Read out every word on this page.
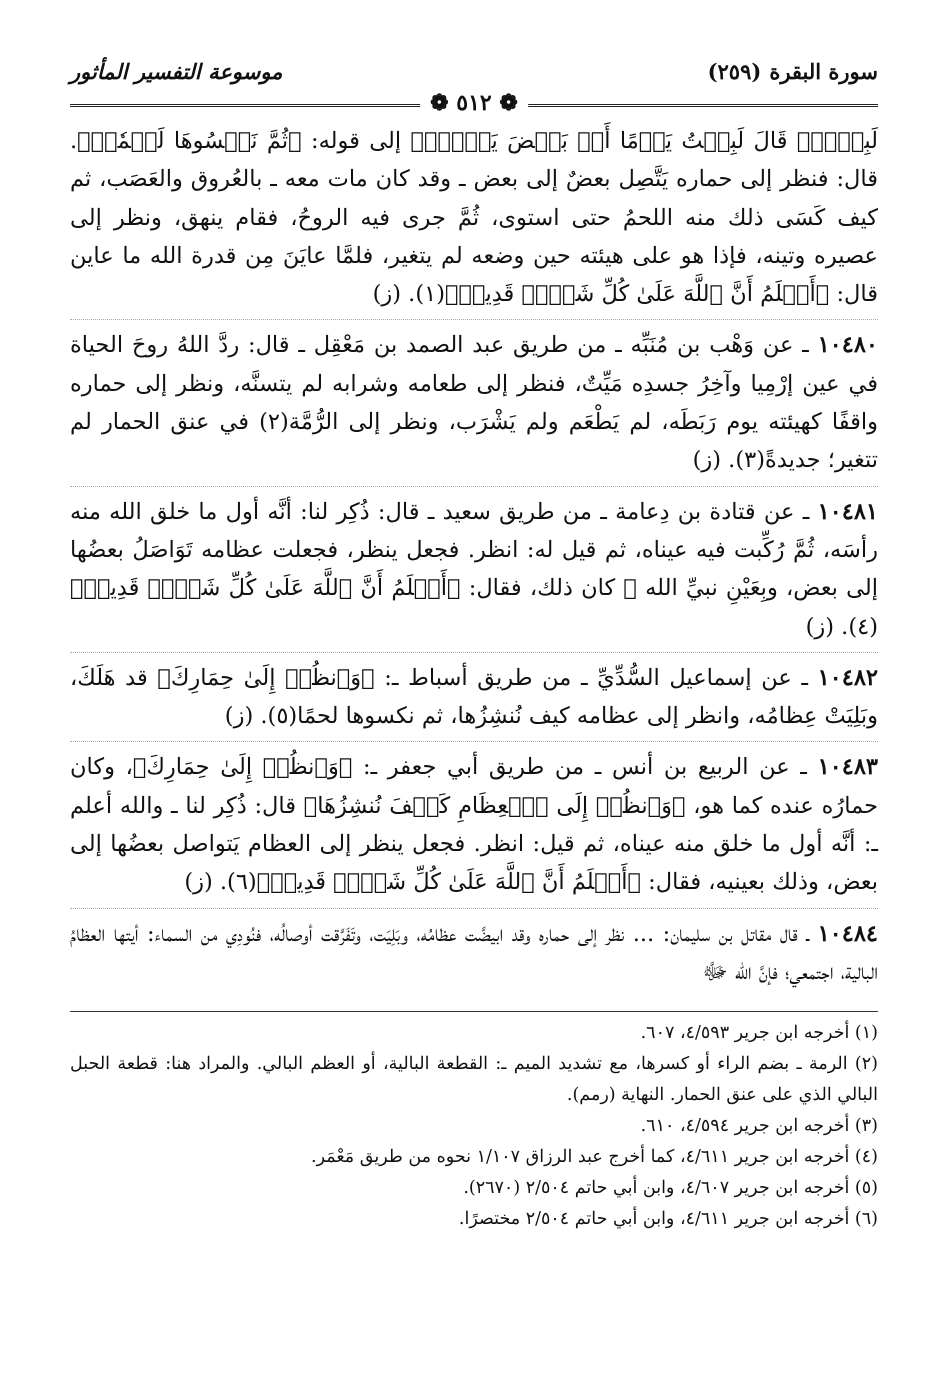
سورة البقرة
(٢٥٩)
موسوعة التفسير المأثور
❁ ٥١٢ ❁

لَبِثۡتُۖ قَالَ لَبِثۡتُ يَوۡمًا أَوۡ بَعۡضَ يَوۡمٍۖ﴾ إلى قوله: ﴿ثُمَّ نَكۡسُوهَا لَحۡمٗاۚ﴾. قال: فنظر إلى حماره يَتَّصِل بعضٌ إلى بعض ـ وقد كان مات معه ـ بالعُروق والعَصَب، ثم كيف كَسَى ذلك منه اللحمُ حتى استوى، ثُمَّ جرى فيه الروحُ، فقام ينهق، ونظر إلى عصيره وتينه، فإذا هو على هيئته حين وضعه لم يتغير، فلمَّا عايَنَ مِن قدرة الله ما عاين قال: ﴿أَعۡلَمُ أَنَّ ٱللَّهَ عَلَىٰ كُلِّ شَيۡءٖ قَدِيرٞ﴾(١). (ز)

١٠٤٨٠ ـ عن وَهْب بن مُنَبِّه ـ من طريق عبد الصمد بن مَعْقِل ـ قال: ردَّ اللهُ روحَ الحياة في عين إرْمِيا وآخِرُ جسدِه مَيِّتٌ، فنظر إلى طعامه وشرابه لم يتسنَّه، ونظر إلى حماره واقفًا كهيئته يوم رَبَطَه، لم يَطْعَم ولم يَشْرَب، ونظر إلى الرُّمَّة(٢) في عنق الحمار لم تتغير؛ جديدةً(٣). (ز)

١٠٤٨١ ـ عن قتادة بن دِعامة ـ من طريق سعيد ـ قال: ذُكِر لنا: أنَّه أول ما خلق الله منه رأسَه، ثُمَّ رُكِّبت فيه عيناه، ثم قيل له: انظر. فجعل ينظر، فجعلت عظامه تَوَاصَلُ بعضُها إلى بعض، وبِعَيْنِ نبيِّ الله ﷺ كان ذلك، فقال: ﴿أَعۡلَمُ أَنَّ ٱللَّهَ عَلَىٰ كُلِّ شَيۡءٖ قَدِيرٞ﴾(٤). (ز)

١٠٤٨٢ ـ عن إسماعيل السُّدِّيِّ ـ من طريق أسباط ـ: ﴿وَٱنظُرۡ إِلَىٰ حِمَارِكَ﴾ قد هَلَكَ، وبَلِيَتْ عِظامُه، وانظر إلى عظامه كيف نُنشِزُها، ثم نكسوها لحمًا(٥). (ز)

١٠٤٨٣ ـ عن الربيع بن أنس ـ من طريق أبي جعفر ـ: ﴿وَٱنظُرۡ إِلَىٰ حِمَارِكَ﴾، وكان حمارُه عنده كما هو، ﴿وَٱنظُرۡ إِلَى ٱلۡعِظَامِ كَيۡفَ نُنشِزُهَا﴾ قال: ذُكِر لنا ـ والله أعلم ـ: أنَّه أول ما خلق منه عيناه، ثم قيل: انظر. فجعل ينظر إلى العظام يَتواصل بعضُها إلى بعض، وذلك بعينيه، فقال: ﴿أَعۡلَمُ أَنَّ ٱللَّهَ عَلَىٰ كُلِّ شَيۡءٖ قَدِيرٞ﴾(٦). (ز)

١٠٤٨٤ ـ قال مقاتل بن سليمان: ... نظر إلى حماره وقد ابيضَّت عظامُه، وبَلِيَت، وتَفَرَّقت أوصالُه، فنُودِي من السماء: أيتها العظامُ البالية، اجتمعي؛ فإنَّ الله ﷻ

(١) أخرجه ابن جرير ٤/٥٩٣، ٦٠٧.

(٢) الرمة ـ بضم الراء أو كسرها، مع تشديد الميم ـ: القطعة البالية، أو العظم البالي. والمراد هنا: قطعة الحبل البالي الذي على عنق الحمار. النهاية (رمم).

(٣) أخرجه ابن جرير ٤/٥٩٤، ٦١٠.

(٤) أخرجه ابن جرير ٤/٦١١، كما أخرج عبد الرزاق ١/١٠٧ نحوه من طريق مَعْمَر.

(٥) أخرجه ابن جرير ٤/٦٠٧، وابن أبي حاتم ٢/٥٠٤ (٢٦٧٠).

(٦) أخرجه ابن جرير ٤/٦١١، وابن أبي حاتم ٢/٥٠٤ مختصرًا.
